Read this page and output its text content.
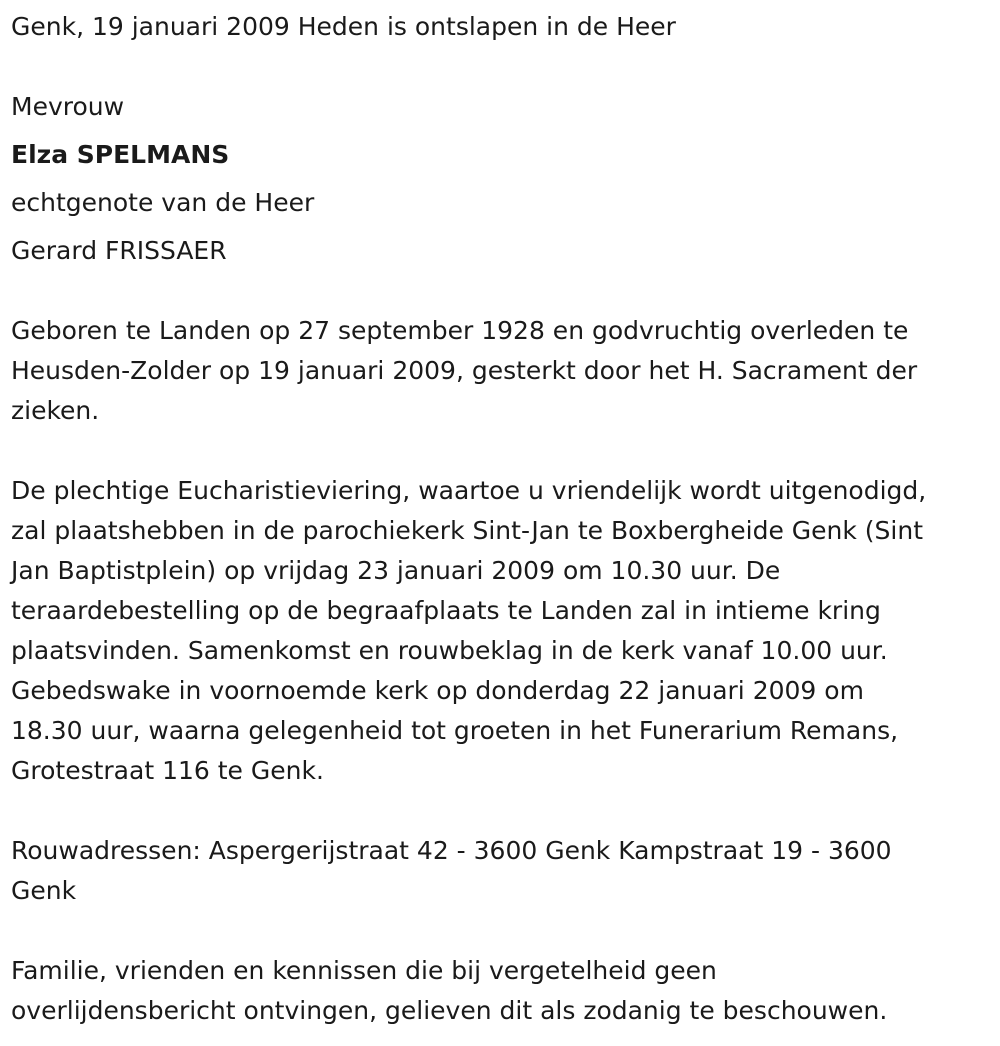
Genk, 19 januari 2009 Heden is ontslapen in de Heer
Mevrouw
Elza SPELMANS
echtgenote van de Heer
Gerard FRISSAER
Geboren te Landen op 27 september 1928 en godvruchtig overleden te
Heusden-Zolder op 19 januari 2009, gesterkt door het H. Sacrament der
zieken.
De plechtige Eucharistieviering, waartoe u vriendelijk wordt uitgenodigd,
zal plaatshebben in de parochiekerk Sint-Jan te Boxbergheide Genk (Sint
Jan Baptistplein) op vrijdag 23 januari 2009 om 10.30 uur. De
teraardebestelling op de begraafplaats te Landen zal in intieme kring
plaatsvinden. Samenkomst en rouwbeklag in de kerk vanaf 10.00 uur.
Gebedswake in voornoemde kerk op donderdag 22 januari 2009 om
18.30 uur, waarna gelegenheid tot groeten in het Funerarium Remans,
Grotestraat 116 te Genk.
Rouwadressen: Aspergerijstraat 42 - 3600 Genk Kampstraat 19 - 3600
Genk
Familie, vrienden en kennissen die bij vergetelheid geen
overlijdensbericht ontvingen, gelieven dit als zodanig te beschouwen.
